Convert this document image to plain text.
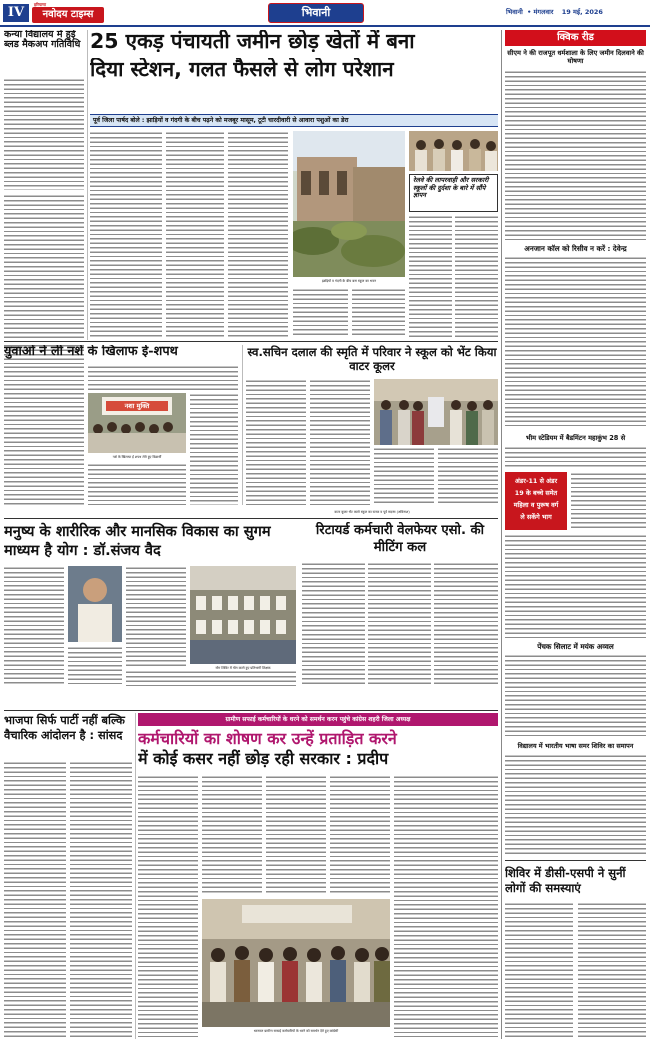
IV
हरियाणा
नवोदय टाइम्स	भिवानी	भिवानी • मंगलवार 19 मई, 2026
कन्या विद्यालय में हुई ब्लड मैकअप गतिविधि 25 एकड़ पंचायती जमीन छोड़ खेतों में बना
दिया स्टेशन, गलत फैसले से लोग परेशान
पूर्व जिला पार्षद बोले : झाड़ियों व गंदगी के बीच पढ़ने को मजबूर मासूम, टूटी चारदीवारी से आवारा पशुओं का डेरा
झाड़ियों व गंदगी के बीच बना स्कूल का भवन
रेलवे की लापरवाही और सरकारी स्कूलों की दुर्दशा के बारे में सौंपे ज्ञापन
युवाओं ने ली नशे के खिलाफ ई-शपथ
नशा मुक्ति
नशे के खिलाफ ई शपथ लेते हुए विद्यार्थी
स्व.सचिन दलाल की स्मृति में परिवार ने स्कूल को भेंट किया वाटर कूलर
वाटर कूलर भेंट करते स्कूल का स्टाफ व पूर्व सदस्य (अविनाश)
मनुष्य के शारीरिक और मानसिक विकास का सुगम माध्यम है योग : डॉ.संजय वैद
योग शिविर में योग करते हुए प्रतिभागी शिक्षक
रिटायर्ड कर्मचारी वेलफेयर एसो. की मीटिंग कल
भाजपा सिर्फ पार्टी नहीं बल्कि वैचारिक आंदोलन है : सांसद
ग्रामीण सफाई कर्मचारियों के धरने को समर्थन करन पहुंचे कांग्रेस शहरी जिला अध्यक्ष
कर्मचारियों का शोषण कर उन्हें प्रताड़ित करने
में कोई कसर नहीं छोड़ रही सरकार : प्रदीप
धरनारत ग्रामीण सफाई कर्मचारियों के धरने को समर्थन देते हुए कांग्रेसी
क्विक रीड
सीएम ने की राजपूत धर्मशाला के लिए जमीन दिलवाने की घोषणा
अनजान कॉल को रिसीव न करें : देवेन्द्र
भीम स्टेडियम में बैडमिंटन महाकुंभ 28 से
अंडर-11 से अंडर
19 के बच्चे समेत
महिला व पुरूष वर्ग
ले सकेंगे भाग
पेंचक सिलाट में मयंक अव्वल
विद्यालय में भारतीय भाषा समर शिविर का समापन
शिविर में डीसी-एसपी ने सुनीं लोगों की समस्याएं
